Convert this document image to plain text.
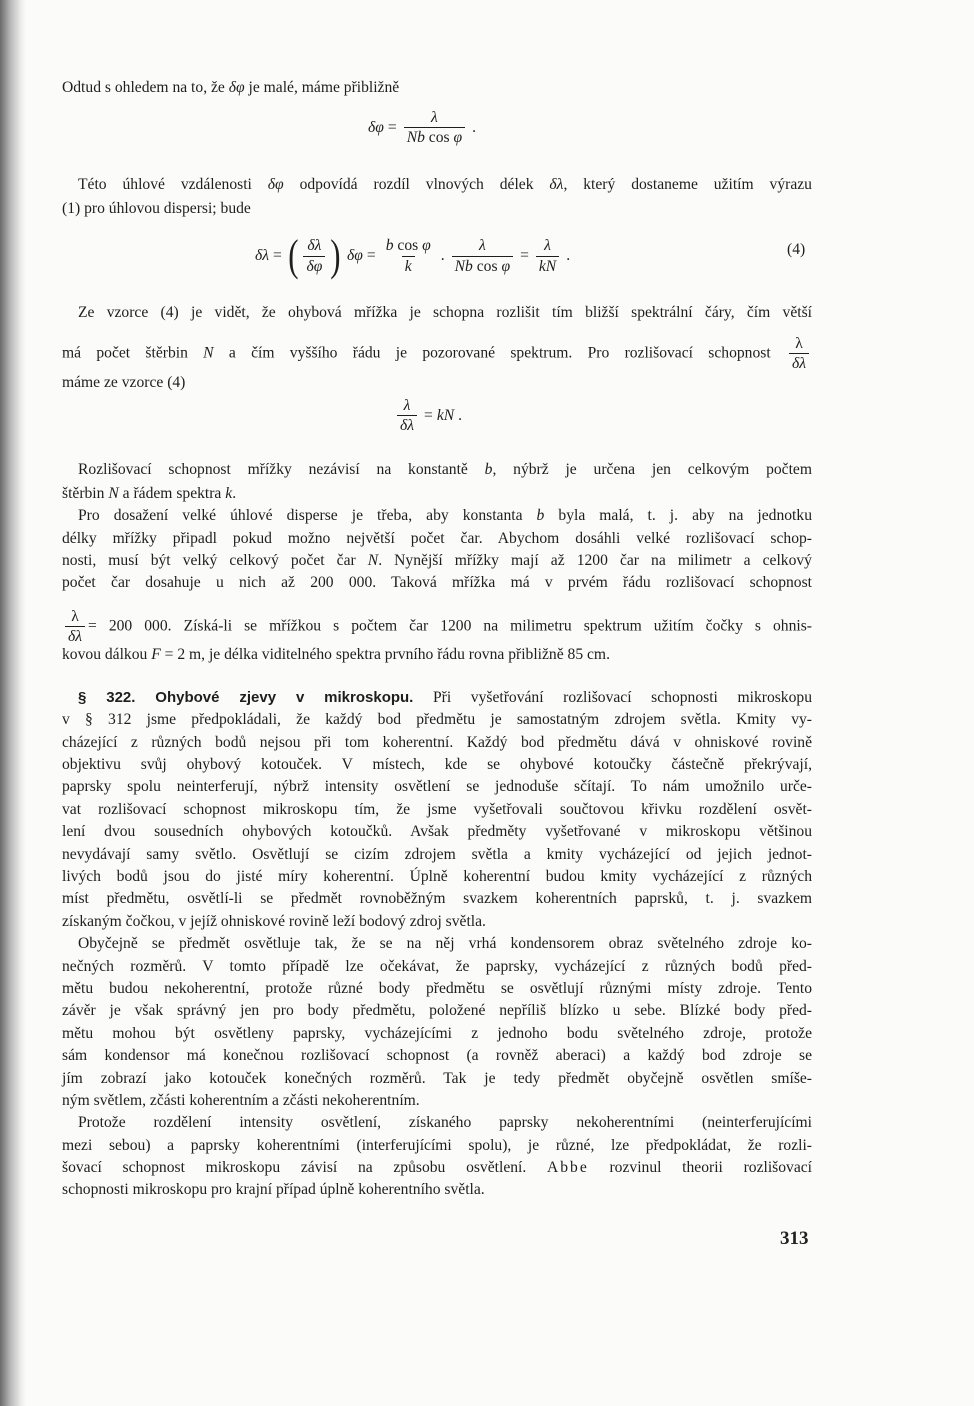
Odtud s ohledem na to, že δφ je malé, máme přibližně
Této úhlové vzdálenosti δφ odpovídá rozdíl vlnových délek δλ, který dostaneme užitím výrazu
(1) pro úhlovou dispersi; bude
Ze vzorce (4) je vidět, že ohybová mřížka je schopna rozlišit tím bližší spektrální čáry, čím větší
má počet štěrbin N a čím vyššího řádu je pozorované spektrum. Pro rozlišovací schopnost $\frac{\lambda}{\delta\lambda}$
máme ze vzorce (4)
Rozlišovací schopnost mřížky nezávisí na konstantě b, nýbrž je určena jen celkovým počtem
štěrbin N a řádem spektra k.
Pro dosažení velké úhlové disperse je třeba, aby konstanta b byla malá, t. j. aby na jednotku
délky mřížky připadl pokud možno největší počet čar. Abychom dosáhli velké rozlišovací schop-
nosti, musí být velký celkový počet čar N. Nynější mřížky mají až 1200 čar na milimetr a celkový
počet čar dosahuje u nich až 200 000. Taková mřížka má v prvém řádu rozlišovací schopnost
$\frac{\lambda}{\delta\lambda} = 200$ 000. Získá-li se mřížkou s počtem čar 1200 na milimetru spektrum užitím čočky s ohnis-
kovou dálkou F = 2 m, je délka viditelného spektra prvního řádu rovna přibližně 85 cm.
§ 322. Ohybové zjevy v mikroskopu. Při vyšetřování rozlišovací schopnosti mikroskopu
v § 312 jsme předpokládali, že každý bod předmětu je samostatným zdrojem světla. Kmity vy-
cházející z různých bodů nejsou při tom koherentní. Každý bod předmětu dává v ohniskové rovině
objektivu svůj ohybový kotouček. V místech, kde se ohybové kotoučky částečně překrývají,
paprsky spolu neinterferují, nýbrž intensity osvětlení se jednoduše sčítají. To nám umožnilo urče-
vat rozlišovací schopnost mikroskopu tím, že jsme vyšetřovali součtovou křivku rozdělení osvět-
lení dvou sousedních ohybových kotoučků. Avšak předměty vyšetřované v mikroskopu většinou
nevydávají samy světlo. Osvětlují se cizím zdrojem světla a kmity vycházející od jejich jednot-
livých bodů jsou do jisté míry koherentní. Úplně koherentní budou kmity vycházející z různých
míst předmětu, osvětlí-li se předmět rovnoběžným svazkem koherentních paprsků, t. j. svazkem
získaným čočkou, v jejíž ohniskové rovině leží bodový zdroj světla.
Obyčejně se předmět osvětluje tak, že se na něj vrhá kondensorem obraz světelného zdroje ko-
nečných rozměrů. V tomto případě lze očekávat, že paprsky, vycházející z různých bodů před-
mětu budou nekoherentní, protože různé body předmětu se osvětlují různými místy zdroje. Tento
závěr je však správný jen pro body předmětu, položené nepříliš blízko u sebe. Blízké body před-
mětu mohou být osvětleny paprsky, vycházejícími z jednoho bodu světelného zdroje, protože
sám kondensor má konečnou rozlišovací schopnost (a rovněž aberaci) a každý bod zdroje se
jím zobrazí jako kotouček konečných rozměrů. Tak je tedy předmět obyčejně osvětlen smíše-
ným světlem, zčásti koherentním a zčásti nekoherentním.
Protože rozdělení intensity osvětlení, získaného paprsky nekoherentními (neinterferujícími
mezi sebou) a paprsky koherentními (interferujícími spolu), je různé, lze předpokládat, že rozli-
šovací schopnost mikroskopu závisí na způsobu osvětlení. Abbe rozvinul theorii rozlišovací
schopnosti mikroskopu pro krajní případ úplně koherentního světla.
$\delta\varphi = \frac{\lambda}{\text{Nb cos φ}}$ .
δλ = ( $\frac{\delta\lambda}{\delta\varphi}$ ) $\delta\varphi = \frac{\text{b cos φ}}{k}$ . $\frac{\lambda}{\text{Nb cos φ}} = \frac{\lambda}{kN}$ .	(4)
$\frac{\lambda}{\delta\lambda}$ = kN .
313
